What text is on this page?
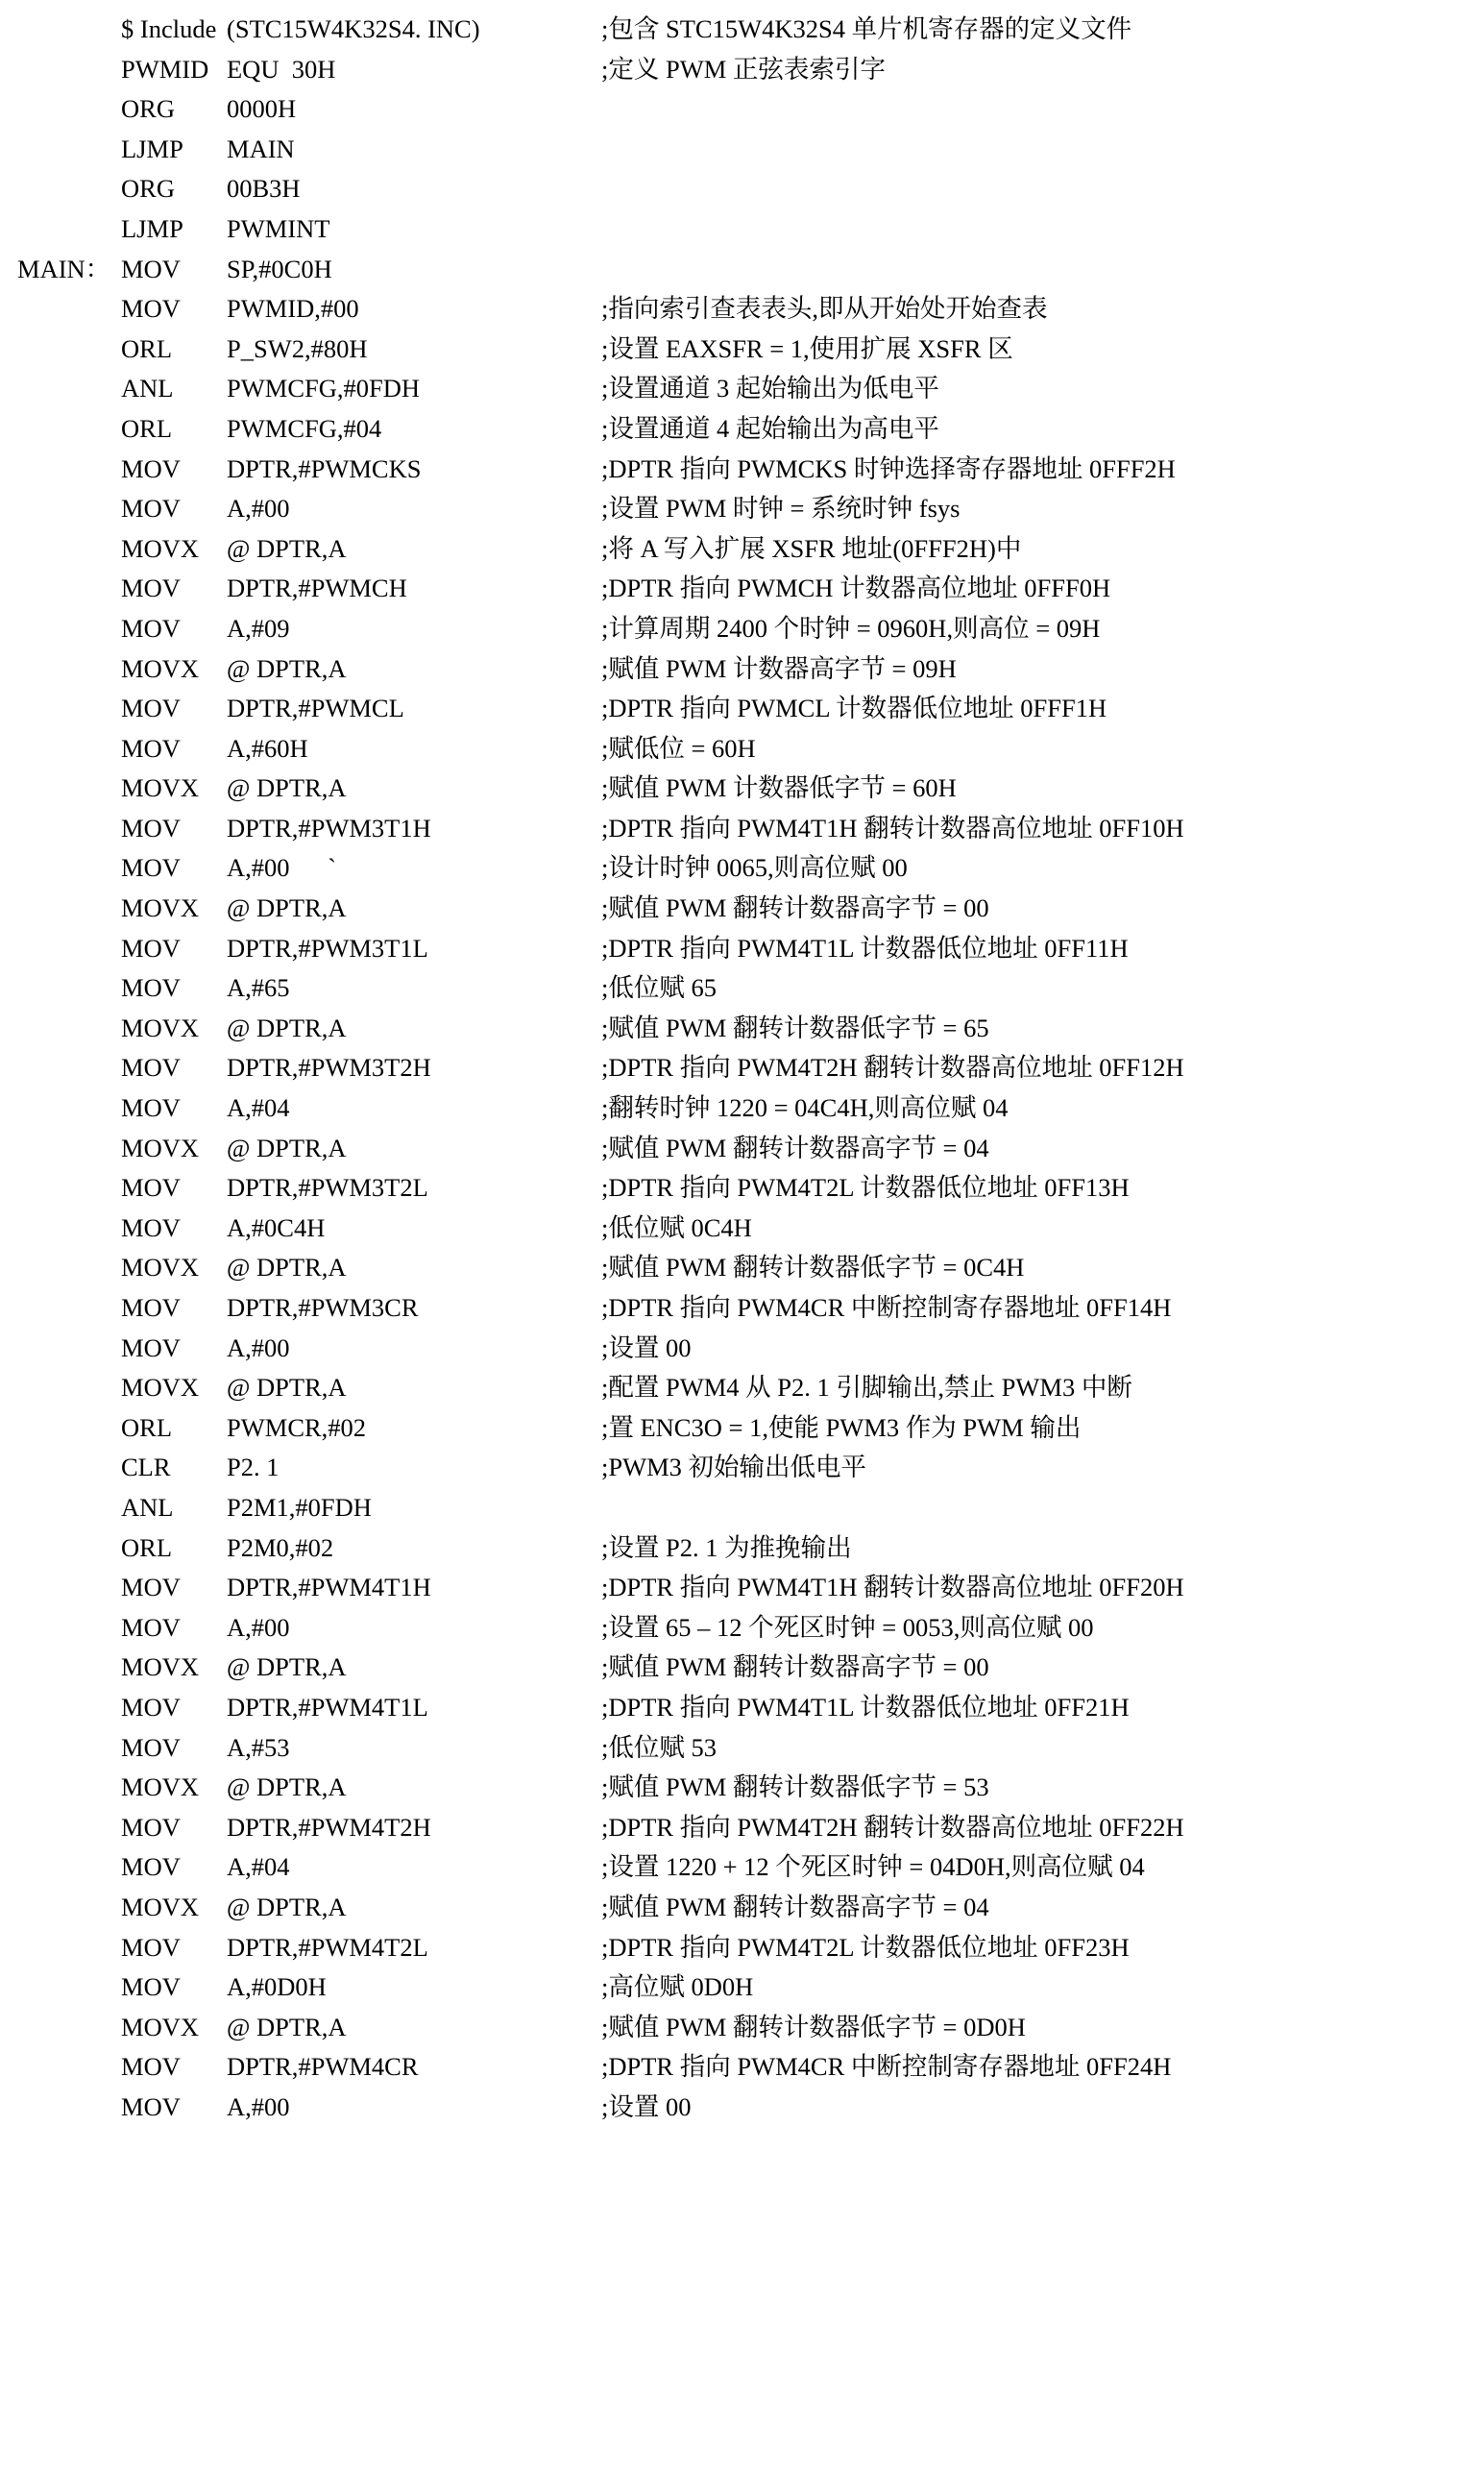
	$ Include	(STC15W4K32S4. INC)	;包含 STC15W4K32S4 单片机寄存器的定义文件
	PWMID	EQU  30H	;定义 PWM 正弦表索引字
	ORG	0000H	
	LJMP	MAIN	
	ORG	00B3H	
	LJMP	PWMINT	
MAIN：	MOV	SP,#0C0H	
	MOV	PWMID,#00	;指向索引查表表头,即从开始处开始查表
	ORL	P_SW2,#80H	;设置 EAXSFR = 1,使用扩展 XSFR 区
	ANL	PWMCFG,#0FDH	;设置通道 3 起始输出为低电平
	ORL	PWMCFG,#04	;设置通道 4 起始输出为高电平
	MOV	DPTR,#PWMCKS	;DPTR 指向 PWMCKS 时钟选择寄存器地址 0FFF2H
	MOV	A,#00	;设置 PWM 时钟 = 系统时钟 fsys
	MOVX	@ DPTR,A	;将 A 写入扩展 XSFR 地址(0FFF2H)中
	MOV	DPTR,#PWMCH	;DPTR 指向 PWMCH 计数器高位地址 0FFF0H
	MOV	A,#09	;计算周期 2400 个时钟 = 0960H,则高位 = 09H
	MOVX	@ DPTR,A	;赋值 PWM 计数器高字节 = 09H
	MOV	DPTR,#PWMCL	;DPTR 指向 PWMCL 计数器低位地址 0FFF1H
	MOV	A,#60H	;赋低位 = 60H
	MOVX	@ DPTR,A	;赋值 PWM 计数器低字节 = 60H
	MOV	DPTR,#PWM3T1H	;DPTR 指向 PWM4T1H 翻转计数器高位地址 0FF10H
	MOV	A,#00      `	;设计时钟 0065,则高位赋 00
	MOVX	@ DPTR,A	;赋值 PWM 翻转计数器高字节 = 00
	MOV	DPTR,#PWM3T1L	;DPTR 指向 PWM4T1L 计数器低位地址 0FF11H
	MOV	A,#65	;低位赋 65
	MOVX	@ DPTR,A	;赋值 PWM 翻转计数器低字节 = 65
	MOV	DPTR,#PWM3T2H	;DPTR 指向 PWM4T2H 翻转计数器高位地址 0FF12H
	MOV	A,#04	;翻转时钟 1220 = 04C4H,则高位赋 04
	MOVX	@ DPTR,A	;赋值 PWM 翻转计数器高字节 = 04
	MOV	DPTR,#PWM3T2L	;DPTR 指向 PWM4T2L 计数器低位地址 0FF13H
	MOV	A,#0C4H	;低位赋 0C4H
	MOVX	@ DPTR,A	;赋值 PWM 翻转计数器低字节 = 0C4H
	MOV	DPTR,#PWM3CR	;DPTR 指向 PWM4CR 中断控制寄存器地址 0FF14H
	MOV	A,#00	;设置 00
	MOVX	@ DPTR,A	;配置 PWM4 从 P2. 1 引脚输出,禁止 PWM3 中断
	ORL	PWMCR,#02	;置 ENC3O = 1,使能 PWM3 作为 PWM 输出
	CLR	P2. 1	;PWM3 初始输出低电平
	ANL	P2M1,#0FDH	
	ORL	P2M0,#02	;设置 P2. 1 为推挽输出
	MOV	DPTR,#PWM4T1H	;DPTR 指向 PWM4T1H 翻转计数器高位地址 0FF20H
	MOV	A,#00	;设置 65 – 12 个死区时钟 = 0053,则高位赋 00
	MOVX	@ DPTR,A	;赋值 PWM 翻转计数器高字节 = 00
	MOV	DPTR,#PWM4T1L	;DPTR 指向 PWM4T1L 计数器低位地址 0FF21H
	MOV	A,#53	;低位赋 53
	MOVX	@ DPTR,A	;赋值 PWM 翻转计数器低字节 = 53
	MOV	DPTR,#PWM4T2H	;DPTR 指向 PWM4T2H 翻转计数器高位地址 0FF22H
	MOV	A,#04	;设置 1220 + 12 个死区时钟 = 04D0H,则高位赋 04
	MOVX	@ DPTR,A	;赋值 PWM 翻转计数器高字节 = 04
	MOV	DPTR,#PWM4T2L	;DPTR 指向 PWM4T2L 计数器低位地址 0FF23H
	MOV	A,#0D0H	;高位赋 0D0H
	MOVX	@ DPTR,A	;赋值 PWM 翻转计数器低字节 = 0D0H
	MOV	DPTR,#PWM4CR	;DPTR 指向 PWM4CR 中断控制寄存器地址 0FF24H
	MOV	A,#00	;设置 00
